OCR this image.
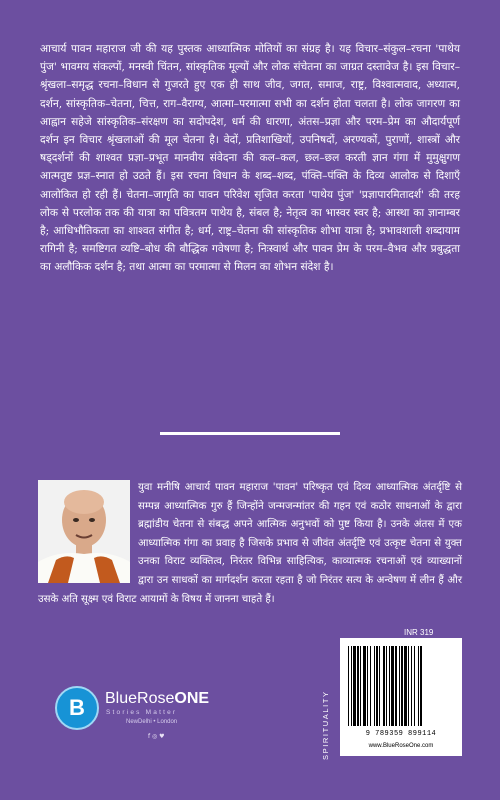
आचार्य पावन महाराज जी की यह पुस्तक आध्यात्मिक मोतियों का संग्रह है। यह विचार–संकुल–रचना 'पाथेय पुंज' भावमय संकल्पों, मनस्वी चिंतन, सांस्कृतिक मूल्यों और लोक संचेतना का जाग्रत दस्तावेज है। इस विचार–श्रृंखला–समृद्ध रचना–विधान से गुजरते हुए एक ही साथ जीव, जगत, समाज, राष्ट्र, विश्वात्मवाद, अध्यात्म, दर्शन, सांस्कृतिक–चेतना, चित्त, राग–वैराग्य, आत्मा–परमात्मा सभी का दर्शन होता चलता है। लोक जागरण का आह्वान सहेजे सांस्कृतिक–संरक्षण का सदोपदेश, धर्म की धारणा, अंतस–प्रज्ञा और परम–प्रेम का औदार्यपूर्ण दर्शन इन विचार श्रृंखलाओं की मूल चेतना है। वेदों, प्रतिशाखियों, उपनिषदों, अरण्यकों, पुराणों, शास्त्रों और षड्दर्शनों की शाश्वत प्रज्ञा–प्रभूत मानवीय संवेदना की कल–कल, छल–छल करती ज्ञान गंगा में मुमुक्षुगण आत्मतुष्ट प्रज्ञ–स्नात हो उठते हैं। इस रचना विधान के शब्द–शब्द, पंक्ति–पंक्ति के दिव्य आलोक से दिशाएँ आलोकित हो रही हैं। चेतना–जागृति का पावन परिवेश सृजित करता 'पाथेय पुंज' 'प्रज्ञापारमितादर्श' की तरह लोक से परलोक तक की यात्रा का पवित्रतम पाथेय है, संबल है; नेतृत्व का भास्वर स्वर है; आस्था का ज्ञानाम्बर है; आधिभौतिकता का शाश्वत संगीत है; धर्म, राष्ट्र–चेतना की सांस्कृतिक शोभा यात्रा है; प्रभावशाली शब्दायाम रागिनी है; समष्टिगत व्यष्टि–बोध की बौद्धिक गवेषणा है; निःस्वार्थ और पावन प्रेम के परम–वैभव और प्रबुद्धता का अलौकिक दर्शन है; तथा आत्मा का परमात्मा से मिलन का शोभन संदेश है।

युवा मनीषि आचार्य पावन महाराज 'पावन' परिष्कृत एवं दिव्य आध्यात्मिक अंतर्दृष्टि से सम्पन्न आध्यात्मिक गुरु हैं जिन्होंने जन्मजन्मांतर की गहन एवं कठोर साधनाओं के द्वारा ब्रह्मांडीय चेतना से संबद्ध अपने आत्मिक अनुभवों को पुष्ट किया है। उनके अंतस में एक आध्यात्मिक गंगा का प्रवाह है जिसके प्रभाव से जीवंत अंतर्दृष्टि एवं उत्कृष्ट चेतना से युक्त उनका विराट व्यक्तित्व, निरंतर विभिन्न साहित्यिक, काव्यात्मक रचनाओं एवं व्याख्यानों द्वारा उन साधकों का मार्गदर्शन करता रहता है जो निरंतर सत्य के अन्वेषण में लीन हैं और उसके अति सूक्ष्म एवं विराट आयामों के विषय में जानना चाहते हैं।
B	BlueRoseONE
Stories Matter
NewDelhi • London
f ◎ ♥	SPIRITUALITY
INR 319
9 789359 899114
www.BlueRoseOne.com
